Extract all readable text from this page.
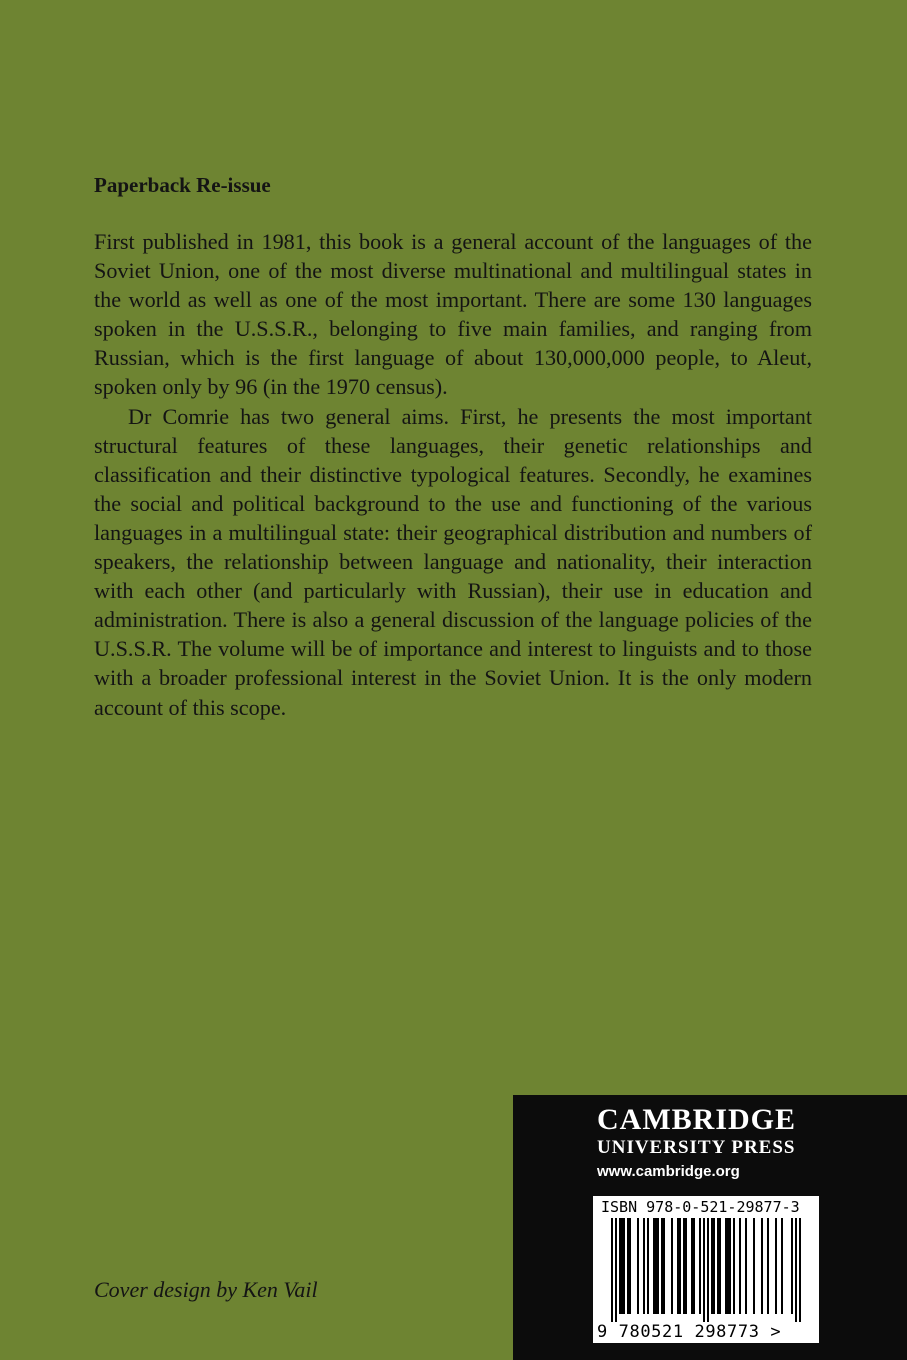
Paperback Re-issue

First published in 1981, this book is a general account of the languages of the Soviet Union, one of the most diverse multinational and multilingual states in the world as well as one of the most important. There are some 130 languages spoken in the U.S.S.R., belonging to five main families, and ranging from Russian, which is the first language of about 130,000,000 people, to Aleut, spoken only by 96 (in the 1970 census).

Dr Comrie has two general aims. First, he presents the most important structural features of these languages, their genetic relationships and classification and their distinctive typological features. Secondly, he examines the social and political background to the use and functioning of the various languages in a multilingual state: their geographical distribution and numbers of speakers, the relationship between language and nationality, their interaction with each other (and particularly with Russian), their use in education and administration. There is also a general discussion of the language policies of the U.S.S.R. The volume will be of importance and interest to linguists and to those with a broader professional interest in the Soviet Union. It is the only modern account of this scope.

Cover design by Ken Vail
CAMBRIDGE
UNIVERSITY PRESS
www.cambridge.org
ISBN 978-0-521-29877-3
9 780521 298773 >
